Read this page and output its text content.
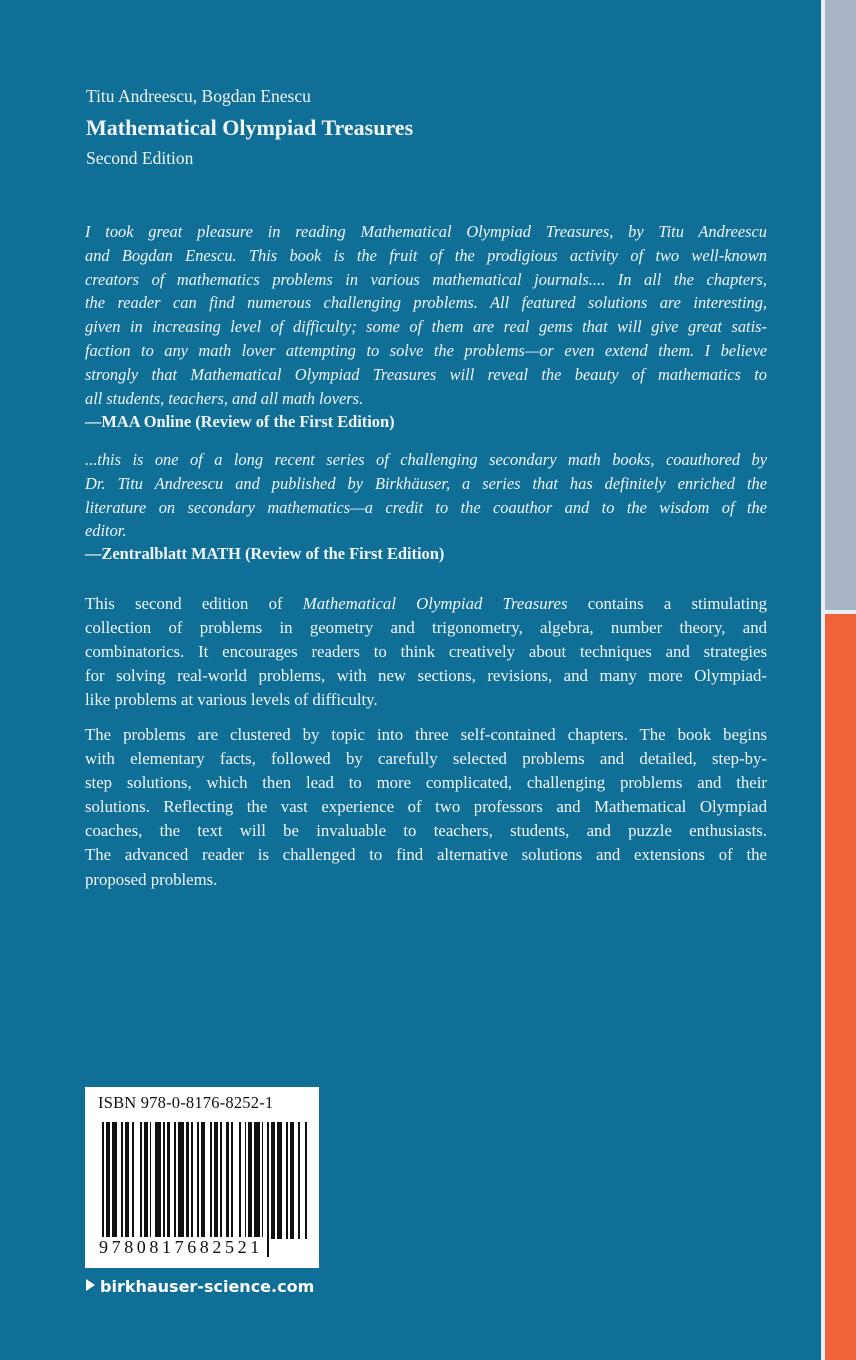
Titu Andreescu, Bogdan Enescu
Mathematical Olympiad Treasures
Second Edition
I took great pleasure in reading Mathematical Olympiad Treasures, by Titu Andreescu
and Bogdan Enescu. This book is the fruit of the prodigious activity of two well-known
creators of mathematics problems in various mathematical journals.... In all the chapters,
the reader can find numerous challenging problems. All featured solutions are interesting,
given in increasing level of difficulty; some of them are real gems that will give great satis-
faction to any math lover attempting to solve the problems—or even extend them. I believe
strongly that Mathematical Olympiad Treasures will reveal the beauty of mathematics to
all students, teachers, and all math lovers.
—MAA Online (Review of the First Edition)
...this is one of a long recent series of challenging secondary math books, coauthored by
Dr. Titu Andreescu and published by Birkhäuser, a series that has definitely enriched the
literature on secondary mathematics—a credit to the coauthor and to the wisdom of the
editor.
—Zentralblatt MATH (Review of the First Edition)
This second edition of Mathematical Olympiad Treasures contains a stimulating
collection of problems in geometry and trigonometry, algebra, number theory, and
combinatorics. It encourages readers to think creatively about techniques and strategies
for solving real-world problems, with new sections, revisions, and many more Olympiad-
like problems at various levels of difficulty.
The problems are clustered by topic into three self-contained chapters. The book begins
with elementary facts, followed by carefully selected problems and detailed, step-by-
step solutions, which then lead to more complicated, challenging problems and their
solutions. Reflecting the vast experience of two professors and Mathematical Olympiad
coaches, the text will be invaluable to teachers, students, and puzzle enthusiasts.
The advanced reader is challenged to find alternative solutions and extensions of the
proposed problems.
ISBN 978-0-8176-8252-1
9780817682521
birkhauser-science.com
